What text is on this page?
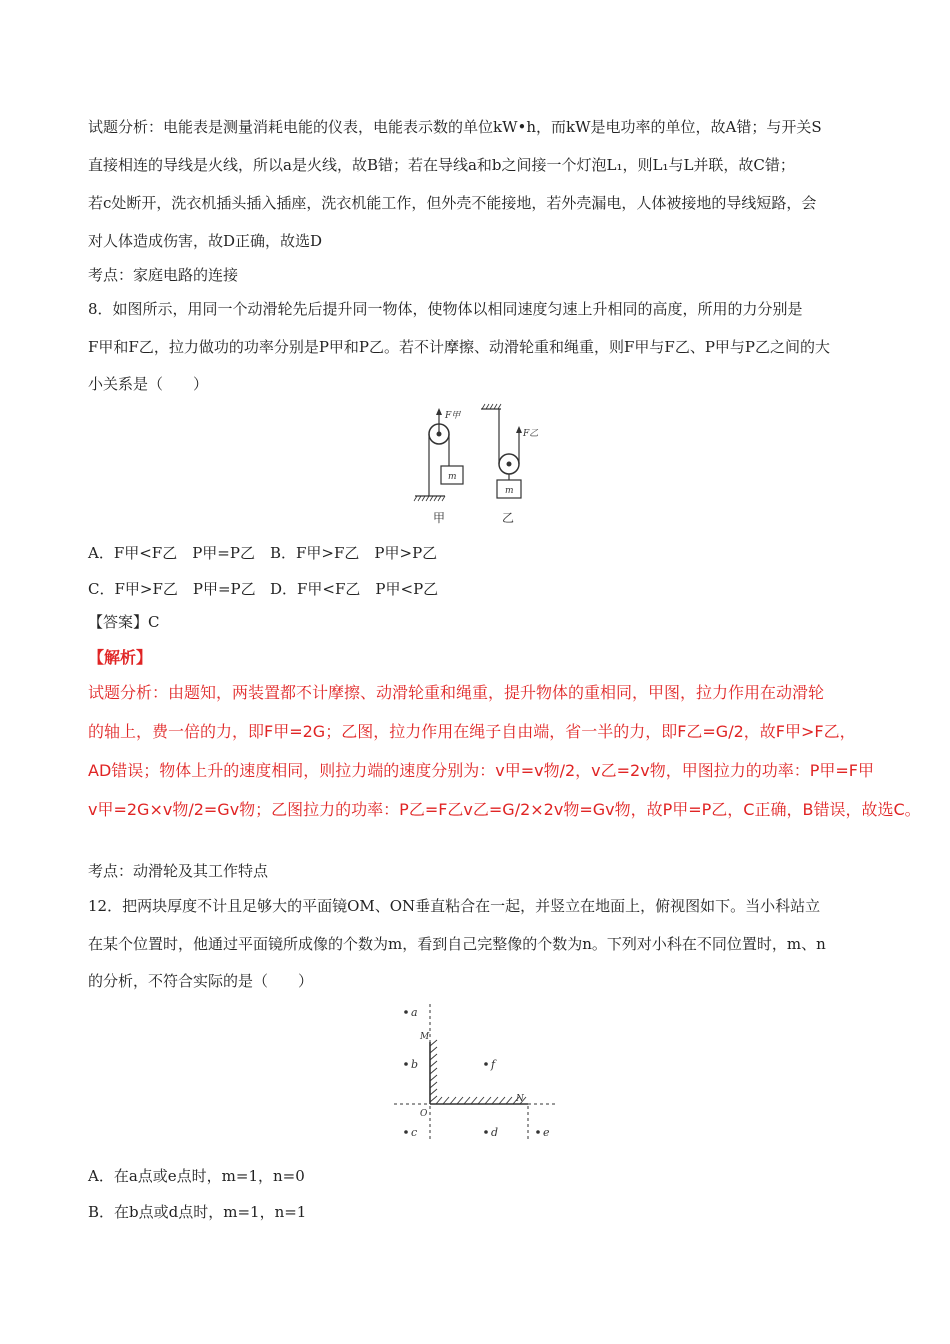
试题分析：电能表是测量消耗电能的仪表，电能表示数的单位kW•h，而kW是电功率的单位，故A错；与开关S
直接相连的导线是火线，所以a是火线，故B错；若在导线a和b之间接一个灯泡L₁，则L₁与L并联，故C错；
若c处断开，洗衣机插头插入插座，洗衣机能工作，但外壳不能接地，若外壳漏电，人体被接地的导线短路，会
对人体造成伤害，故D正确，故选D
考点：家庭电路的连接
8．如图所示，用同一个动滑轮先后提升同一物体，使物体以相同速度匀速上升相同的高度，所用的力分别是
F甲和F乙，拉力做功的功率分别是P甲和P乙。若不计摩擦、动滑轮重和绳重，则F甲与F乙、P甲与P乙之间的大
小关系是（　　）
F甲
m
甲
F乙
m
乙
A．F甲<F乙　P甲=P乙 B．F甲>F乙　P甲>P乙
C．F甲>F乙　P甲=P乙 D．F甲<F乙　P甲<P乙
【答案】C
【解析】
试题分析：由题知，两装置都不计摩擦、动滑轮重和绳重，提升物体的重相同，甲图，拉力作用在动滑轮
的轴上，费一倍的力，即F甲=2G；乙图，拉力作用在绳子自由端，省一半的力，即F乙=G/2，故F甲>F乙，
AD错误；物体上升的速度相同，则拉力端的速度分别为：v甲=v物/2，v乙=2v物，甲图拉力的功率：P甲=F甲
v甲=2G×v物/2=Gv物；乙图拉力的功率：P乙=F乙v乙=G/2×2v物=Gv物，故P甲=P乙，C正确，B错误，故选C。
考点：动滑轮及其工作特点
12．把两块厚度不计且足够大的平面镜OM、ON垂直粘合在一起，并竖立在地面上，俯视图如下。当小科站立
在某个位置时，他通过平面镜所成像的个数为m，看到自己完整像的个数为n。下列对小科在不同位置时，m、n
的分析，不符合实际的是（　　）
a
b	f
c	d	e
M
N
O
A．在a点或e点时，m=1，n=0
B．在b点或d点时，m=1，n=1
